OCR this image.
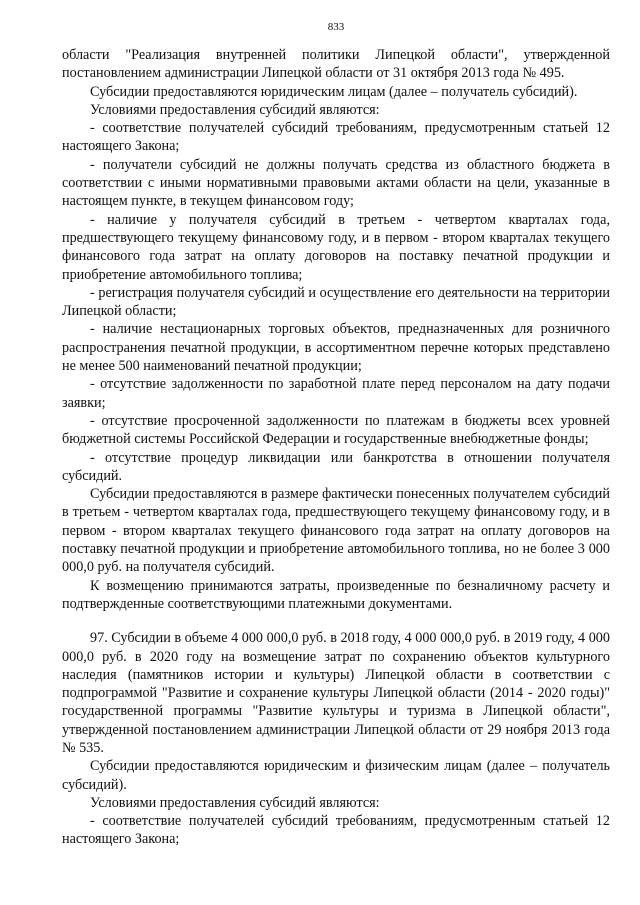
833

области "Реализация внутренней политики Липецкой области", утвержденной постановлением администрации Липецкой области от 31 октября 2013 года № 495.

Субсидии предоставляются юридическим лицам (далее – получатель субсидий).

Условиями предоставления субсидий являются:

- соответствие получателей субсидий требованиям, предусмотренным статьей 12 настоящего Закона;

- получатели субсидий не должны получать средства из областного бюджета в соответствии с иными нормативными правовыми актами области на цели, указанные в настоящем пункте, в текущем финансовом году;

- наличие у получателя субсидий в третьем - четвертом кварталах года, предшествующего текущему финансовому году, и в первом - втором кварталах текущего финансового года затрат на оплату договоров на поставку печатной продукции и приобретение автомобильного топлива;

- регистрация получателя субсидий и осуществление его деятельности на территории Липецкой области;

- наличие нестационарных торговых объектов, предназначенных для розничного распространения печатной продукции, в ассортиментном перечне которых представлено не менее 500 наименований печатной продукции;

- отсутствие задолженности по заработной плате перед персоналом на дату подачи заявки;

- отсутствие просроченной задолженности по платежам в бюджеты всех уровней бюджетной системы Российской Федерации и государственные внебюджетные фонды;

- отсутствие процедур ликвидации или банкротства в отношении получателя субсидий.

Субсидии предоставляются в размере фактически понесенных получателем субсидий в третьем - четвертом кварталах года, предшествующего текущему финансовому году, и в первом - втором кварталах текущего финансового года затрат на оплату договоров на поставку печатной продукции и приобретение автомобильного топлива, но не более 3 000 000,0 руб. на получателя субсидий.

К возмещению принимаются затраты, произведенные по безналичному расчету и подтвержденные соответствующими платежными документами.

97. Субсидии в объеме 4 000 000,0 руб. в 2018 году, 4 000 000,0 руб. в 2019 году, 4 000 000,0 руб. в 2020 году на возмещение затрат по сохранению объектов культурного наследия (памятников истории и культуры) Липецкой области в соответствии с подпрограммой "Развитие и сохранение культуры Липецкой области (2014 - 2020 годы)" государственной программы "Развитие культуры и туризма в Липецкой области", утвержденной постановлением администрации Липецкой области от 29 ноября 2013 года № 535.

Субсидии предоставляются юридическим и физическим лицам (далее – получатель субсидий).

Условиями предоставления субсидий являются:

- соответствие получателей субсидий требованиям, предусмотренным статьей 12 настоящего Закона;
